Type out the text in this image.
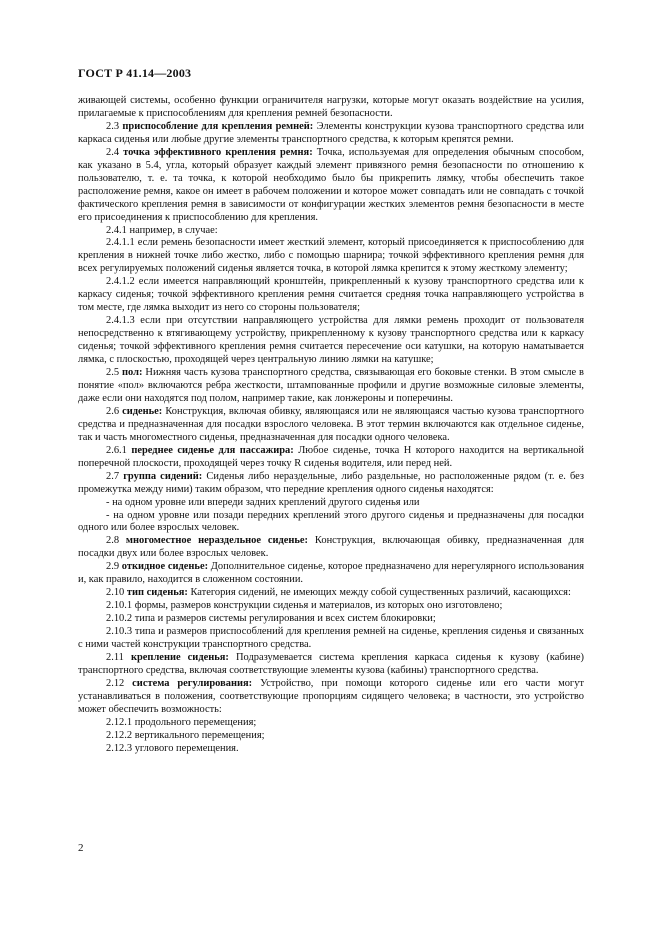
ГОСТ Р 41.14—2003

живающей системы, особенно функции ограничителя нагрузки, которые могут оказать воздействие на усилия, прилагаемые к приспособлениям для крепления ремней безопасности.

2.3 приспособление для крепления ремней: Элементы конструкции кузова транспортного средства или каркаса сиденья или любые другие элементы транспортного средства, к которым крепятся ремни.

2.4 точка эффективного крепления ремня: Точка, используемая для определения обычным способом, как указано в 5.4, угла, который образует каждый элемент привязного ремня безопасности по отношению к пользователю, т. е. та точка, к которой необходимо было бы прикрепить лямку, чтобы обеспечить такое расположение ремня, какое он имеет в рабочем положении и которое может совпадать или не совпадать с точкой фактического крепления ремня в зависимости от конфигурации жестких элементов ремня безопасности в месте его присоединения к приспособлению для крепления.

2.4.1 например, в случае:

2.4.1.1 если ремень безопасности имеет жесткий элемент, который присоединяется к приспособлению для крепления в нижней точке либо жестко, либо с помощью шарнира; точкой эффективного крепления ремня для всех регулируемых положений сиденья является точка, в которой лямка крепится к этому жесткому элементу;

2.4.1.2 если имеется направляющий кронштейн, прикрепленный к кузову транспортного средства или к каркасу сиденья; точкой эффективного крепления ремня считается средняя точка направляющего устройства в том месте, где лямка выходит из него со стороны пользователя;

2.4.1.3 если при отсутствии направляющего устройства для лямки ремень проходит от пользователя непосредственно к втягивающему устройству, прикрепленному к кузову транспортного средства или к каркасу сиденья; точкой эффективного крепления ремня считается пересечение оси катушки, на которую наматывается лямка, с плоскостью, проходящей через центральную линию лямки на катушке;

2.5 пол: Нижняя часть кузова транспортного средства, связывающая его боковые стенки. В этом смысле в понятие «пол» включаются ребра жесткости, штампованные профили и другие возможные силовые элементы, даже если они находятся под полом, например такие, как лонжероны и поперечины.

2.6 сиденье: Конструкция, включая обивку, являющаяся или не являющаяся частью кузова транспортного средства и предназначенная для посадки взрослого человека. В этот термин включаются как отдельное сиденье, так и часть многоместного сиденья, предназначенная для посадки одного человека.

2.6.1 переднее сиденье для пассажира: Любое сиденье, точка H которого находится на вертикальной поперечной плоскости, проходящей через точку R сиденья водителя, или перед ней.

2.7 группа сидений: Сиденья либо нераздельные, либо раздельные, но расположенные рядом (т. е. без промежутка между ними) таким образом, что передние крепления одного сиденья находятся:

- на одном уровне или впереди задних креплений другого сиденья или

- на одном уровне или позади передних креплений этого другого сиденья и предназначены для посадки одного или более взрослых человек.

2.8 многоместное нераздельное сиденье: Конструкция, включающая обивку, предназначенная для посадки двух или более взрослых человек.

2.9 откидное сиденье: Дополнительное сиденье, которое предназначено для нерегулярного использования и, как правило, находится в сложенном состоянии.

2.10 тип сиденья: Категория сидений, не имеющих между собой существенных различий, касающихся:

2.10.1 формы, размеров конструкции сиденья и материалов, из которых оно изготовлено;

2.10.2 типа и размеров системы регулирования и всех систем блокировки;

2.10.3 типа и размеров приспособлений для крепления ремней на сиденье, крепления сиденья и связанных с ними частей конструкции транспортного средства.

2.11 крепление сиденья: Подразумевается система крепления каркаса сиденья к кузову (кабине) транспортного средства, включая соответствующие элементы кузова (кабины) транспортного средства.

2.12 система регулирования: Устройство, при помощи которого сиденье или его части могут устанавливаться в положения, соответствующие пропорциям сидящего человека; в частности, это устройство может обеспечить возможность:

2.12.1 продольного перемещения;

2.12.2 вертикального перемещения;

2.12.3 углового перемещения.

2
